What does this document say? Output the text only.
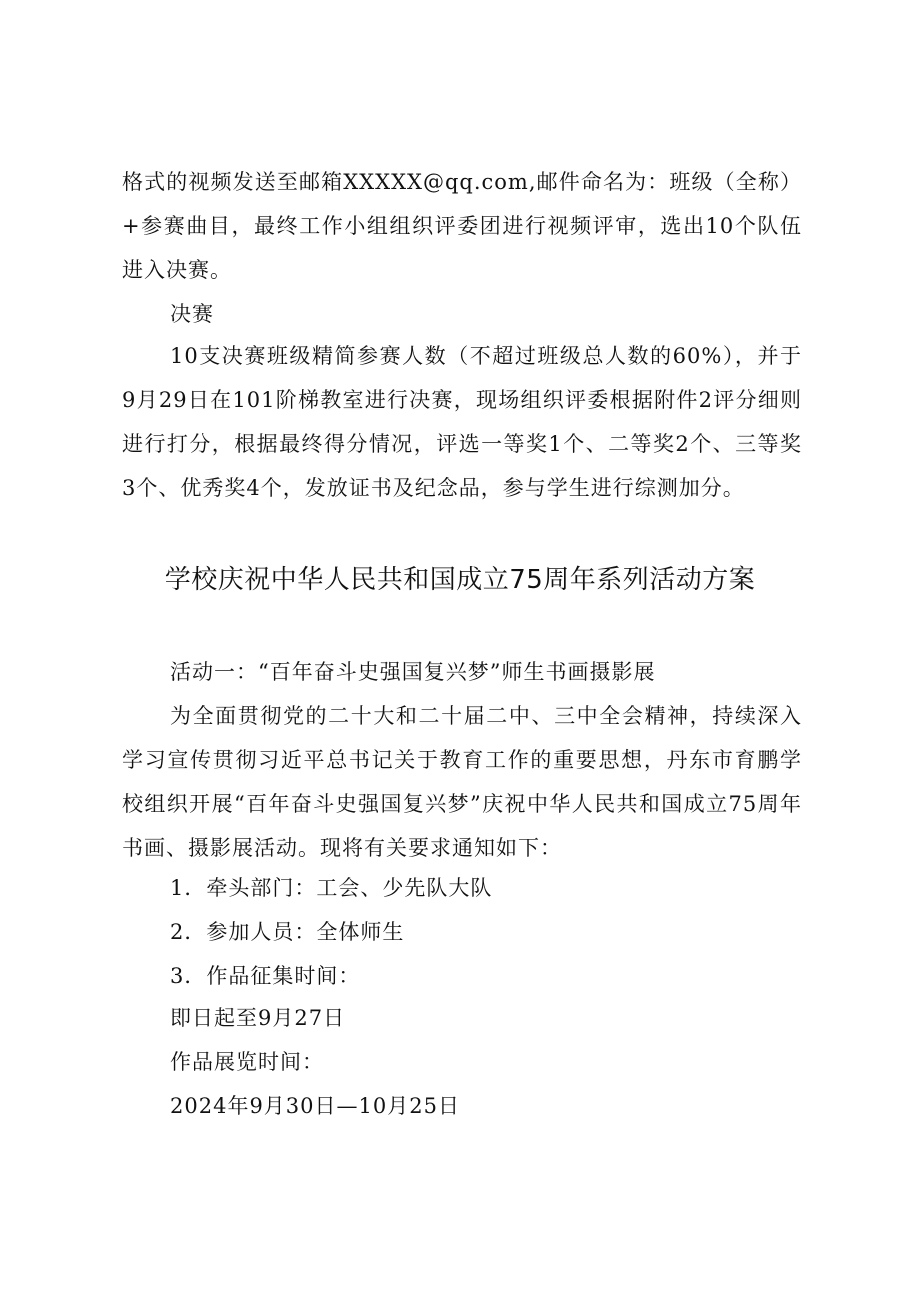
格式的视频发送至邮箱XXXXX@qq.com,邮件命名为：班级（全称）+参赛曲目，最终工作小组组织评委团进行视频评审，选出10个队伍进入决赛。
决赛
10支决赛班级精简参赛人数（不超过班级总人数的60%），并于9月29日在101阶梯教室进行决赛，现场组织评委根据附件2评分细则进行打分，根据最终得分情况，评选一等奖1个、二等奖2个、三等奖3个、优秀奖4个，发放证书及纪念品，参与学生进行综测加分。
学校庆祝中华人民共和国成立75周年系列活动方案
活动一：“百年奋斗史强国复兴梦”师生书画摄影展
为全面贯彻党的二十大和二十届二中、三中全会精神，持续深入学习宣传贯彻习近平总书记关于教育工作的重要思想，丹东市育鹏学校组织开展“百年奋斗史强国复兴梦”庆祝中华人民共和国成立75周年书画、摄影展活动。现将有关要求通知如下：
1．牵头部门：工会、少先队大队
2．参加人员：全体师生
3．作品征集时间：
即日起至9月27日
作品展览时间：
2024年9月30日—10月25日
